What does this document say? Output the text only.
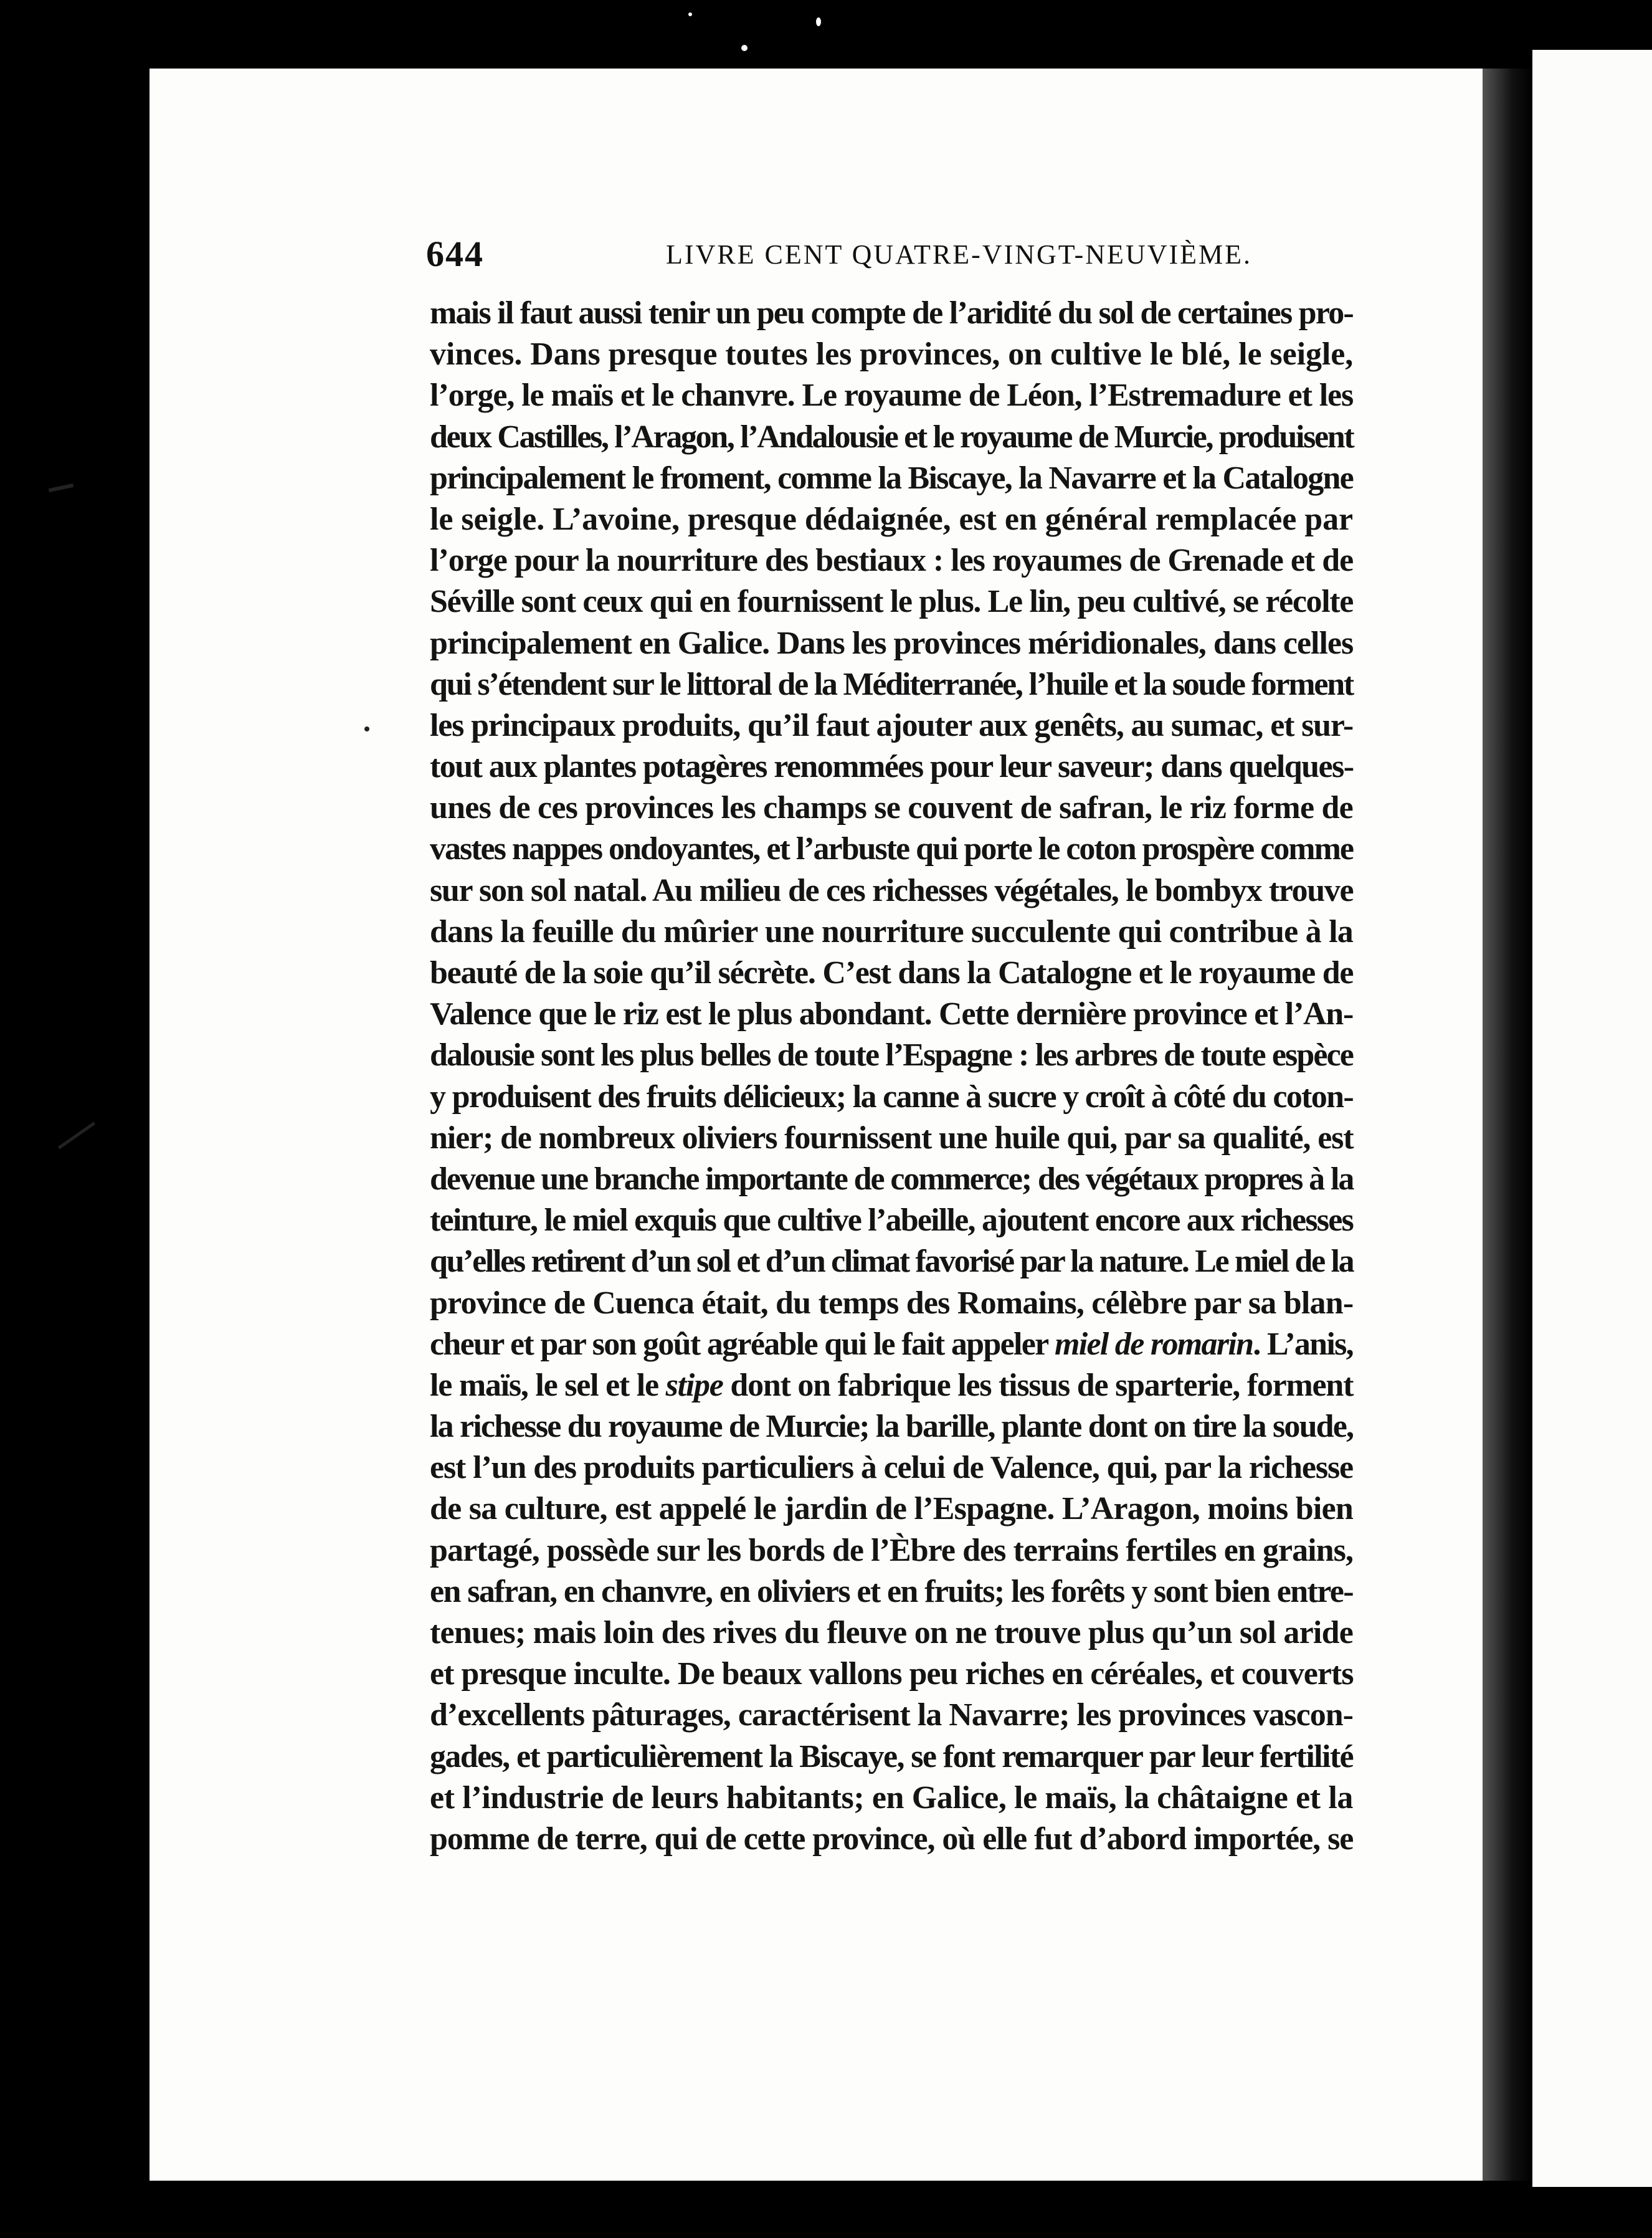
644	LIVRE CENT QUATRE-VINGT-NEUVIÈME.
mais il faut aussi tenir un peu compte de l’aridité du sol de certaines pro-
vinces. Dans presque toutes les provinces, on cultive le blé, le seigle,
l’orge, le maïs et le chanvre. Le royaume de Léon, l’Estremadure et les
deux Castilles, l’Aragon, l’Andalousie et le royaume de Murcie, produisent
principalement le froment, comme la Biscaye, la Navarre et la Catalogne
le seigle. L’avoine, presque dédaignée, est en général remplacée par
l’orge pour la nourriture des bestiaux : les royaumes de Grenade et de
Séville sont ceux qui en fournissent le plus. Le lin, peu cultivé, se récolte
principalement en Galice. Dans les provinces méridionales, dans celles
qui s’étendent sur le littoral de la Méditerranée, l’huile et la soude forment
les principaux produits, qu’il faut ajouter aux genêts, au sumac, et sur-
tout aux plantes potagères renommées pour leur saveur; dans quelques-
unes de ces provinces les champs se couvent de safran, le riz forme de
vastes nappes ondoyantes, et l’arbuste qui porte le coton prospère comme
sur son sol natal. Au milieu de ces richesses végétales, le bombyx trouve
dans la feuille du mûrier une nourriture succulente qui contribue à la
beauté de la soie qu’il sécrète. C’est dans la Catalogne et le royaume de
Valence que le riz est le plus abondant. Cette dernière province et l’An-
dalousie sont les plus belles de toute l’Espagne : les arbres de toute espèce
y produisent des fruits délicieux; la canne à sucre y croît à côté du coton-
nier; de nombreux oliviers fournissent une huile qui, par sa qualité, est
devenue une branche importante de commerce; des végétaux propres à la
teinture, le miel exquis que cultive l’abeille, ajoutent encore aux richesses
qu’elles retirent d’un sol et d’un climat favorisé par la nature. Le miel de la
province de Cuenca était, du temps des Romains, célèbre par sa blan-
cheur et par son goût agréable qui le fait appeler miel de romarin. L’anis,
le maïs, le sel et le stipe dont on fabrique les tissus de sparterie, forment
la richesse du royaume de Murcie; la barille, plante dont on tire la soude,
est l’un des produits particuliers à celui de Valence, qui, par la richesse
de sa culture, est appelé le jardin de l’Espagne. L’Aragon, moins bien
partagé, possède sur les bords de l’Èbre des terrains fertiles en grains,
en safran, en chanvre, en oliviers et en fruits; les forêts y sont bien entre-
tenues; mais loin des rives du fleuve on ne trouve plus qu’un sol aride
et presque inculte. De beaux vallons peu riches en céréales, et couverts
d’excellents pâturages, caractérisent la Navarre; les provinces vascon-
gades, et particulièrement la Biscaye, se font remarquer par leur fertilité
et l’industrie de leurs habitants; en Galice, le maïs, la châtaigne et la
pomme de terre, qui de cette province, où elle fut d’abord importée, se
